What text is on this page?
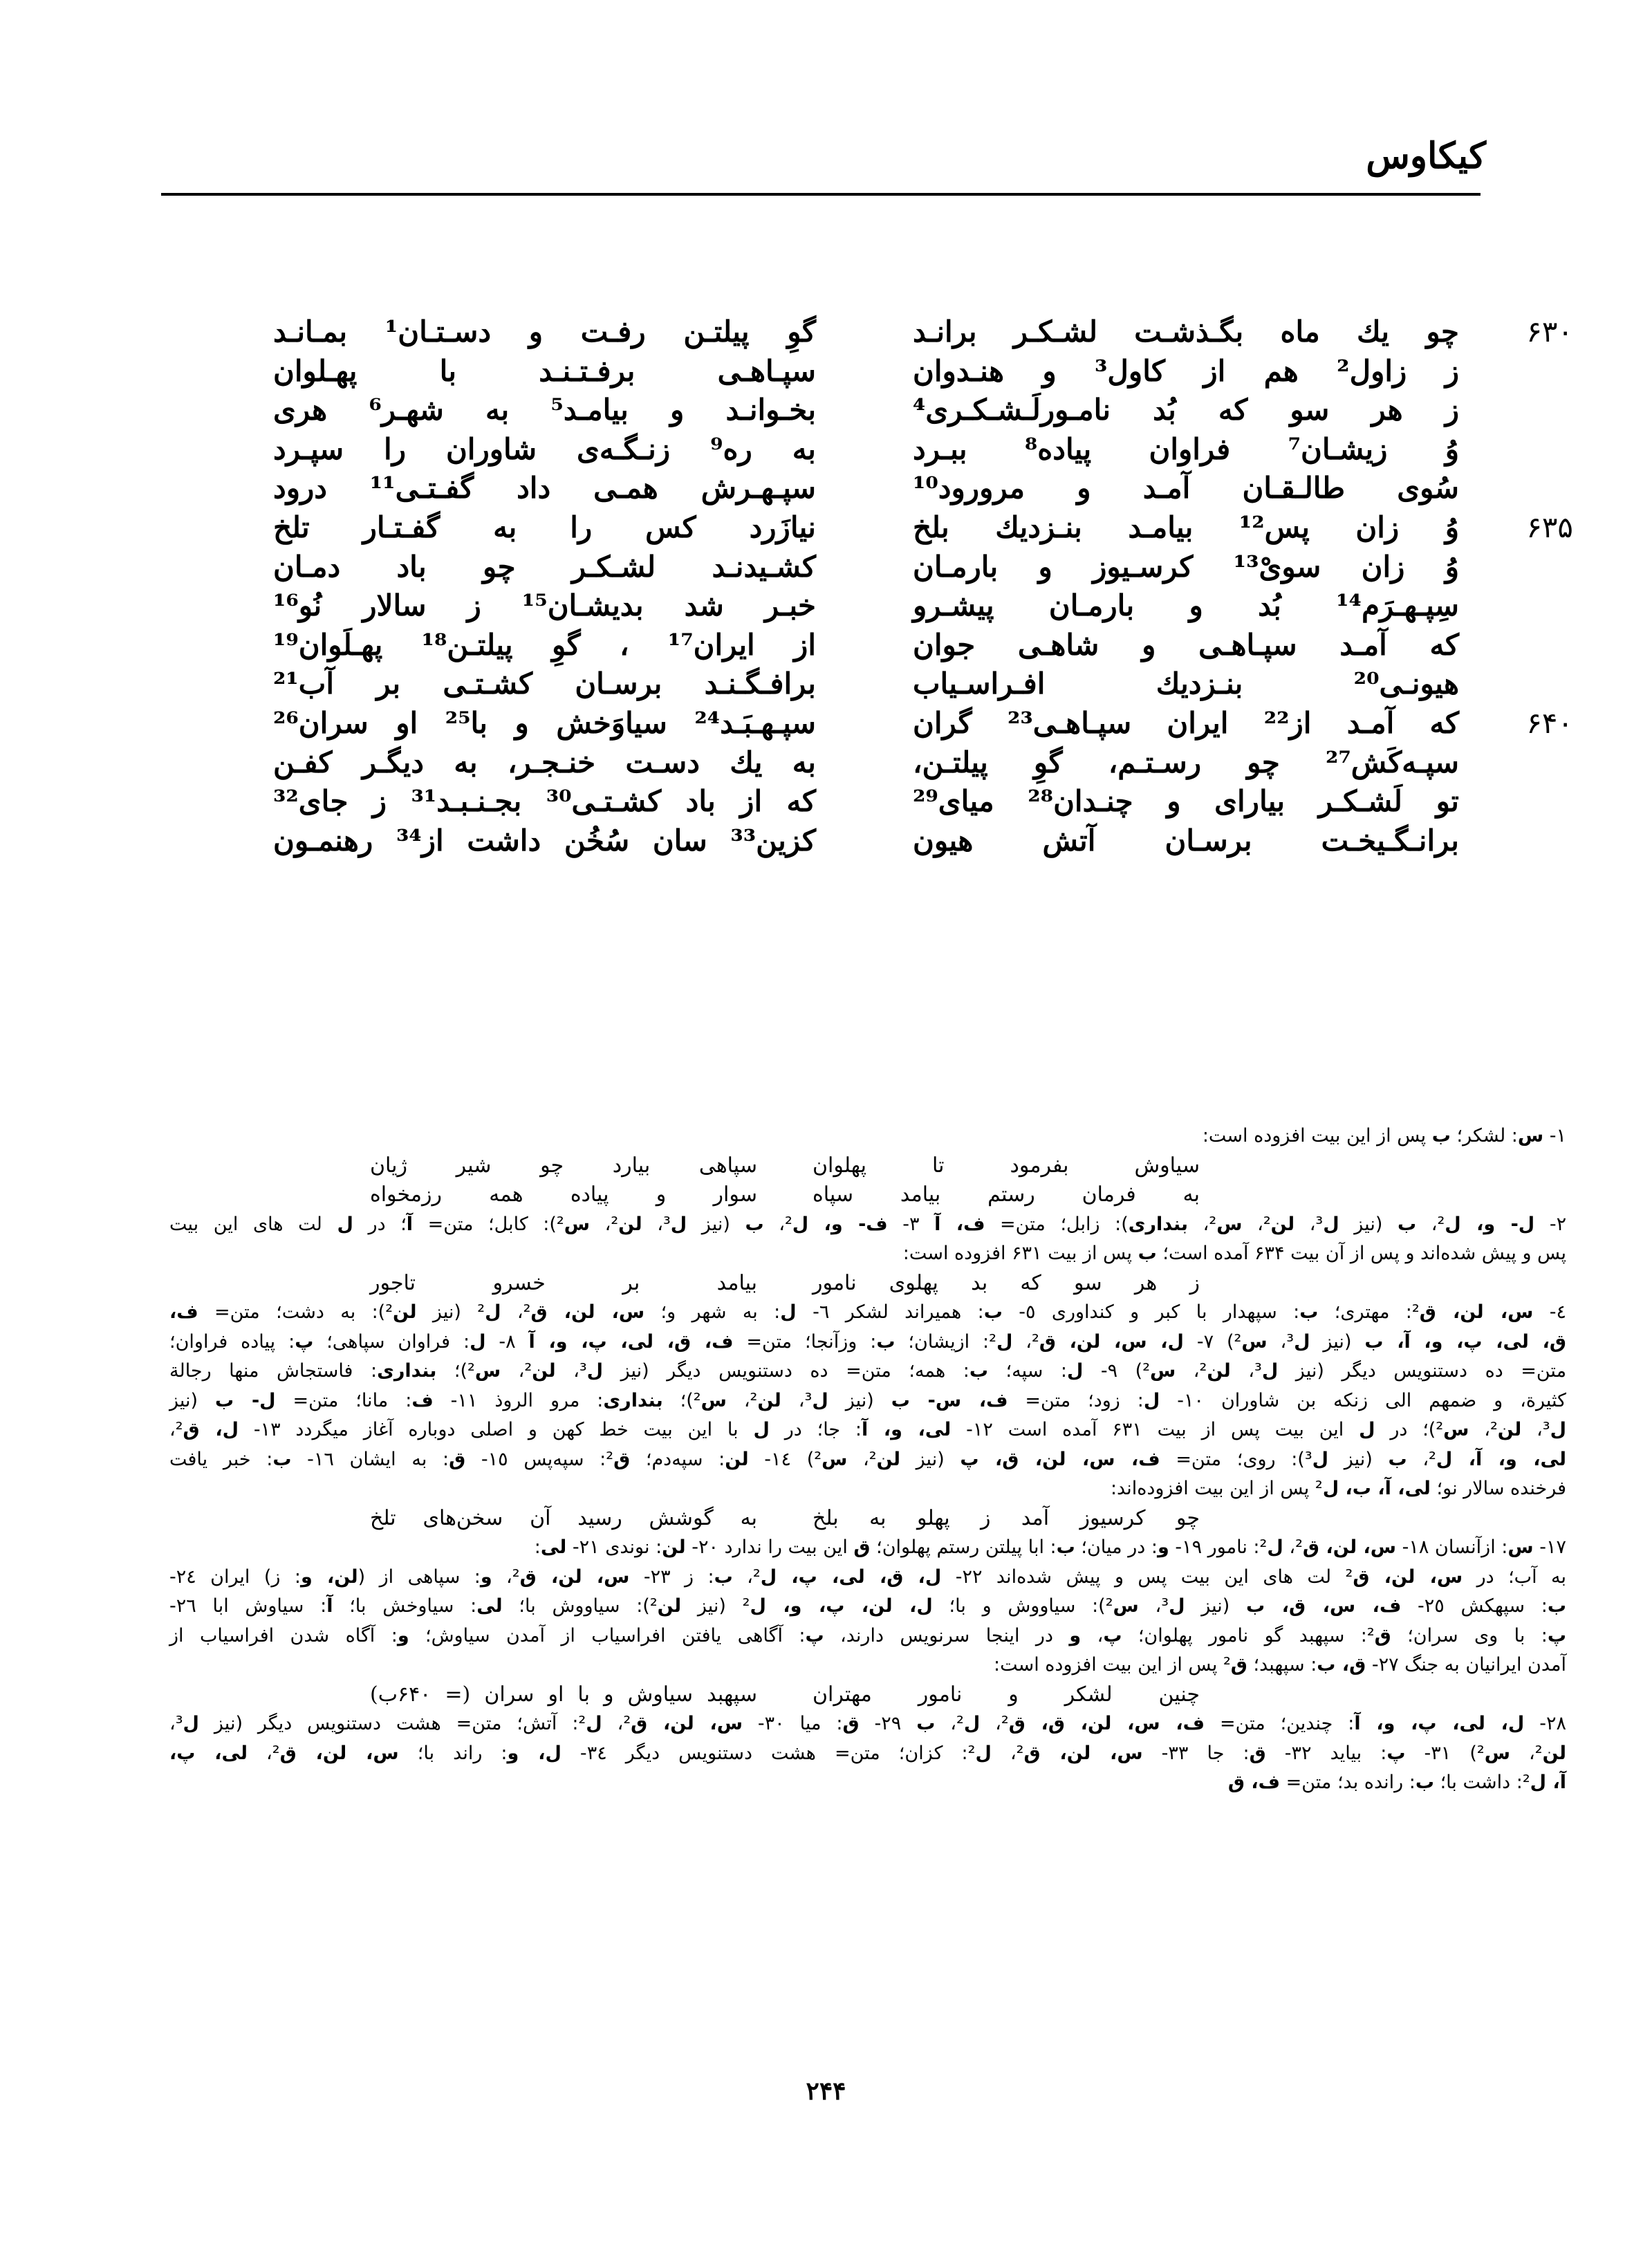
کیکاوس
۶۳۰
چو یك ماه بگـذشـت لشـكـر برانـد
گوِ پیلتـن رفـت و دسـتـان¹ بمـانـد
ز زاول² هم از كاول³ و هنـدوان
سپـاهـی برفـتـنـد با پهـلوان
ز هر سو كه بُد نامـورلَـشـكـری⁴
بخـوانـد و بیامـد⁵ به شهـر⁶ هری
وُ زیشـان⁷ فراوان پیاده⁸ ببـرد
به ره⁹ زنـگـه‌ی شاوران را سپـرد
سُوی طالـقـان آمـد و مرورود¹⁰
سپـهـرش همـی داد گفـتـی¹¹ درود
۶۳۵
وُ زان پس¹² بیامـد بنـزدیك بلخ
نیازَرد كس را به گفـتـار تلخ
وُ زان سویْ¹³ كرسـیوز و بارمـان
كشـیدنـد لشـكـر چو باد دمـان
سِپـهـرَم¹⁴ بُد و بارمـان پیشـرو
خبـر شد بدیشـان¹⁵ ز سالار نُو¹⁶
كه آمـد سپـاهـی و شاهـی جوان
از ایران¹⁷ ، گوِ پیلتـن¹⁸ پهـلَوان¹⁹
هیونـی²⁰ بنـزدیك افـراسـیاب
برافـگـنـد برسـان كشـتـی بر آب²¹
۶۴۰
كه آمـد از²² ایران سپـاهـی²³ گران
سپـهـبَـد²⁴ سیاوَخش و با²⁵ او سران²⁶
سپـه‌كَش²⁷ چو رسـتـم، گوِ پیلتـن،
به یك دسـت خنـجـر، به دیگـر كفـن
تو لَشـكـر بیارای و چنـدان²⁸ میای²⁹
كه از باد كشـتـی³⁰ بجـنـبـد³¹ ز جای³²
برانـگـیخـت برسـان آتش هیون
كزین³³ سان سُخُن داشت از³⁴ رهنمـون
۱- س: لشكر؛ ب پس از این بیت افزوده است:
سیاوش بفرمود تا پهلوانسپاهی بیارد چو شیر ژیان
به فرمان رستم بیامد سپاهسوار و پیاده همه رزمخواه
۲- ل- و، ل²، ب (نیز ل³، لن²، س²، بنداری): زابل؛ متن= ف، آ ۳- ف- و، ل²، ب (نیز ل³، لن²، س²): كابل؛ متن= آ؛ در ل لت های این بیت
پس و پیش شده‌اند و پس از آن بیت ۶۳۴ آمده است؛ ب پس از بیت ۶۳۱ افزوده است:
ز هر سو كه بد پهلوی ناموربیامد بر خسرو تاجور
٤- س، لن، ق²: مهتری؛ ب: سپهدار با كبر و كنداوری ٥- ب: همیراند لشكر ٦- ل: به شهر و؛ س، لن، ق²، ل² (نیز لن²): به دشت؛ متن= ف،
ق، لی، پ، و، آ، ب (نیز ل³، س²) ۷- ل، س، لن، ق²، ل²: ازیشان؛ ب: وزآنجا؛ متن= ف، ق، لی، پ، و، آ ۸- ل: فراوان سپاهی؛ پ: پیاده فراوان؛
متن= ده دستنویس دیگر (نیز ل³، لن²، س²) ۹- ل: سپه؛ ب: همه؛ متن= ده دستنویس دیگر (نیز ل³، لن²، س²)؛ بنداری: فاستجاش منها رجالة
كثیرة، و ضمهم الی زنكه بن شاوران ۱۰- ل: زود؛ متن= ف، س- ب (نیز ل³، لن²، س²)؛ بنداری: مرو الروذ ۱۱- ف: مانا؛ متن= ل- ب (نیز
ل³، لن²، س²)؛ در ل این بیت پس از بیت ۶۳۱ آمده است ۱۲- لی، و، آ: جا؛ در ل با این بیت خط كهن و اصلی دوباره آغاز میگردد ۱۳- ل، ق²،
لی، و، آ، ل²، ب (نیز ل³): روی؛ متن= ف، س، لن، ق، پ (نیز لن²، س²) ۱٤- لن: سپه‌دم؛ ق²: سپه‌پس ۱٥- ق: به ایشان ۱٦- ب: خبر یافت
فرخنده سالار نو؛ لی، آ، ب، ل² پس از این بیت افزوده‌اند:
چو كرسیوز آمد ز پهلو به بلخبه گوشش رسید آن سخن‌های تلخ
۱۷- س: ازآنسان ۱۸- س، لن، ق²، ل²: نامور ۱۹- و: در میان؛ ب: ابا پیلتن رستم پهلوان؛ ق این بیت را ندارد ۲۰- لن: نوندی ۲۱- لی:
به آب؛ در س، لن، ق² لت های این بیت پس و پیش شده‌اند ۲۲- ل، ق، لی، پ، ل²، ب: ز ۲۳- س، لن، ق²، و: سپاهی از (لن، و: ز) ایران ۲٤-
ب: سپهكش ۲٥- ف، س، ق، ب (نیز ل³، س²): سیاووش و با؛ ل، لن، پ، و، ل² (نیز لن²): سیاووش با؛ لی: سیاوخش با؛ آ: سیاوش ابا ۲٦-
پ: با وی سران؛ ق²: سپهبد گو نامور پهلوان؛ پ، و در اینجا سرنویس دارند، پ: آگاهی یافتن افراسیاب از آمدن سیاوش؛ و: آگاه شدن افراسیاب از
آمدن ایرانیان به جنگ ۲۷- ق، ب: سپهبد؛ ق² پس از این بیت افزوده است:
چنین لشكر و نامور مهترانسپهبد سیاوش و با او سران (= ۶۴۰ب)
۲۸- ل، لی، پ، و، آ: چندین؛ متن= ف، س، لن، ق، ق²، ل²، ب ۲۹- ق: میا ۳۰- س، لن، ق²، ل²: آتش؛ متن= هشت دستنویس دیگر (نیز ل³،
لن²، س²) ۳۱- پ: بیاید ۳۲- ق: جا ۳۳- س، لن، ق²، ل²: كزان؛ متن= هشت دستنویس دیگر ۳٤- ل، و: راند با؛ س، لن، ق²، لی، پ،
آ، ل²: داشت با؛ ب: رانده بد؛ متن= ف، ق
۲۴۴
